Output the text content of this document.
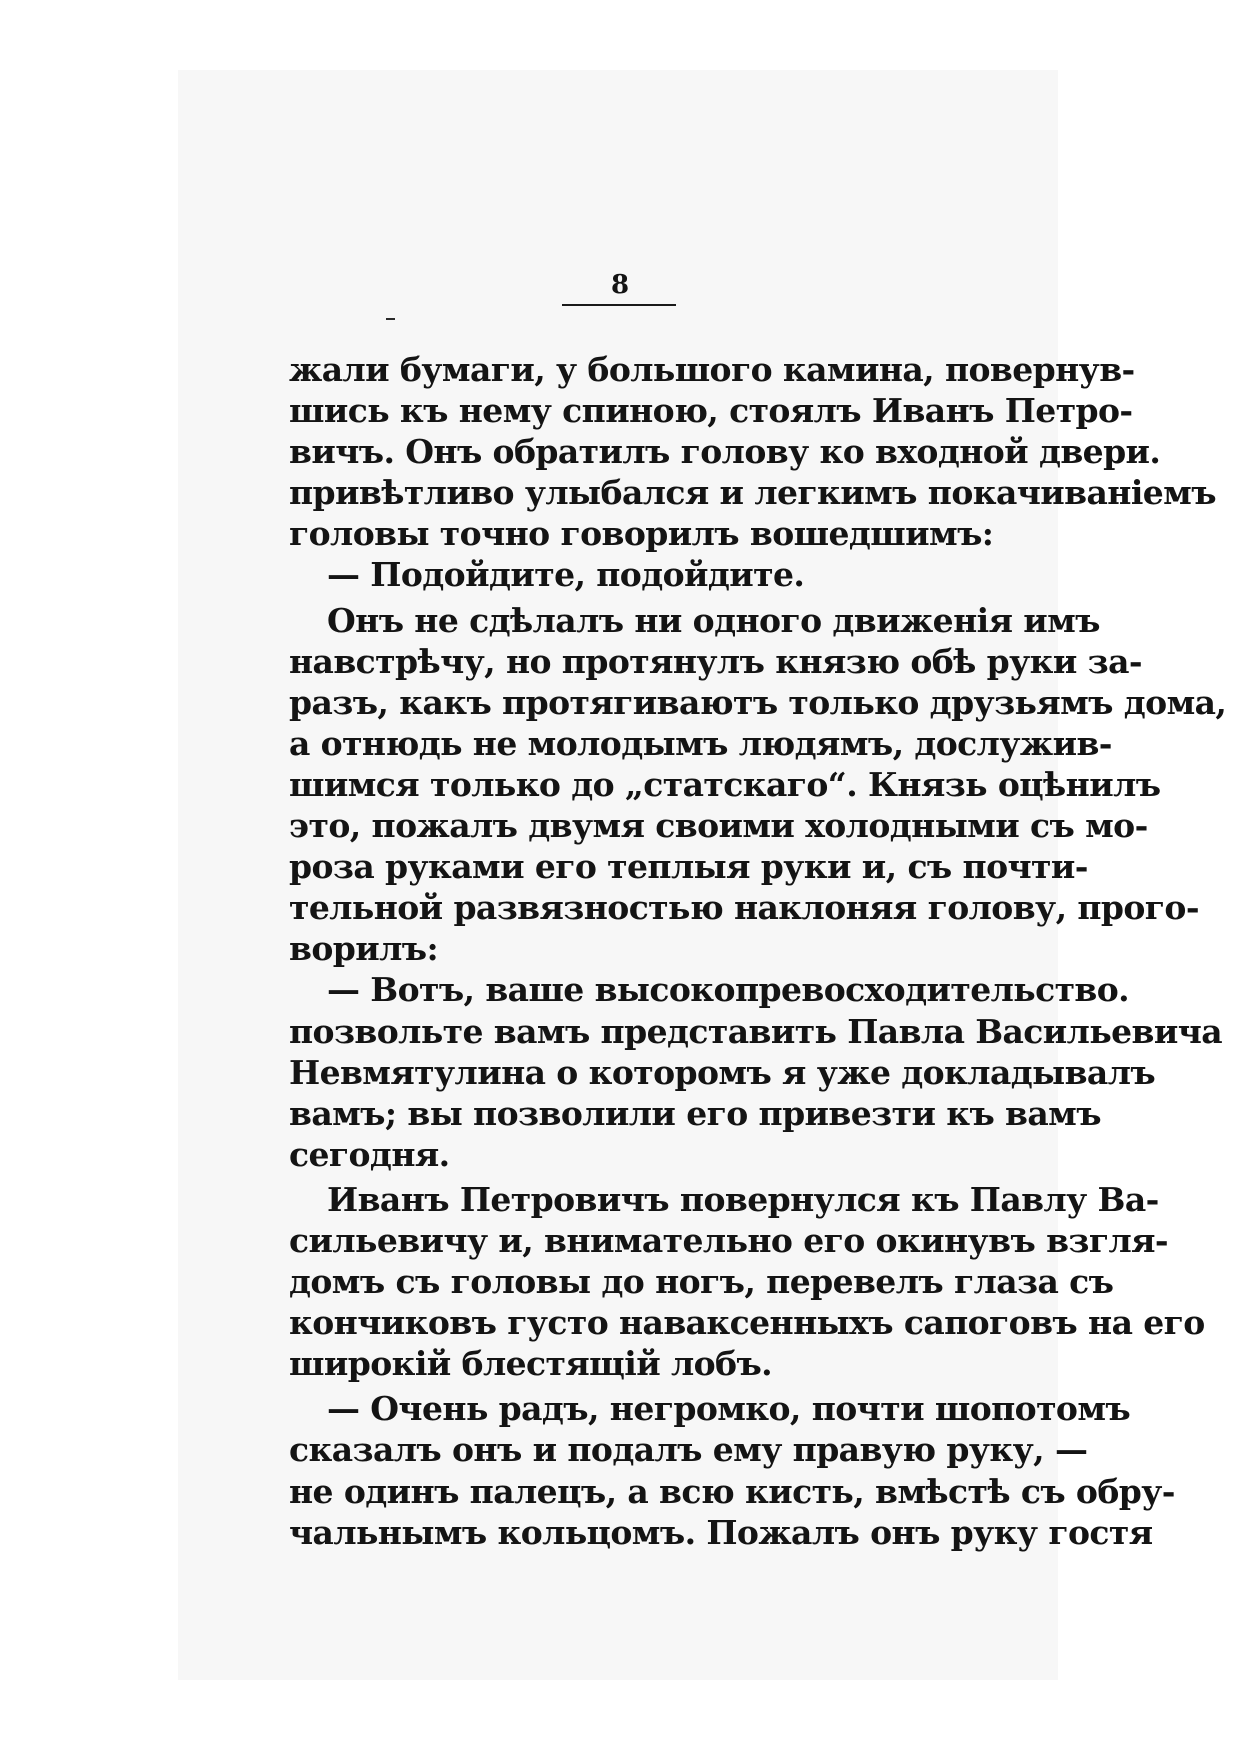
8
жали бумаги, у большого камина, повернув-
шись къ нему спиною, стоялъ Иванъ Петро-
вичъ. Онъ обратилъ голову ко входной двери.
привѣтливо улыбался и легкимъ покачиваніемъ
головы точно говорилъ вошедшимъ:
— Подойдите, подойдите.
Онъ не сдѣлалъ ни одного движенія имъ
навстрѣчу, но протянулъ князю обѣ руки за-
разъ, какъ протягиваютъ только друзьямъ дома,
а отнюдь не молодымъ людямъ, дослужив-
шимся только до „статскаго“. Князь оцѣнилъ
это, пожалъ двумя своими холодными съ мо-
роза руками его теплыя руки и, съ почти-
тельной развязностью наклоняя голову, прого-
ворилъ:
— Вотъ, ваше высокопревосходительство.
позвольте вамъ представить Павла Васильевича
Невмятулина о которомъ я уже докладывалъ
вамъ; вы позволили его привезти къ вамъ
сегодня.
Иванъ Петровичъ повернулся къ Павлу Ва-
сильевичу и, внимательно его окинувъ взгля-
домъ съ головы до ногъ, перевелъ глаза съ
кончиковъ густо наваксенныхъ сапоговъ на его
широкій блестящій лобъ.
— Очень радъ, негромко, почти шопотомъ
сказалъ онъ и подалъ ему правую руку, —
не одинъ палецъ, а всю кисть, вмѣстѣ съ обру-
чальнымъ кольцомъ. Пожалъ онъ руку гостя
